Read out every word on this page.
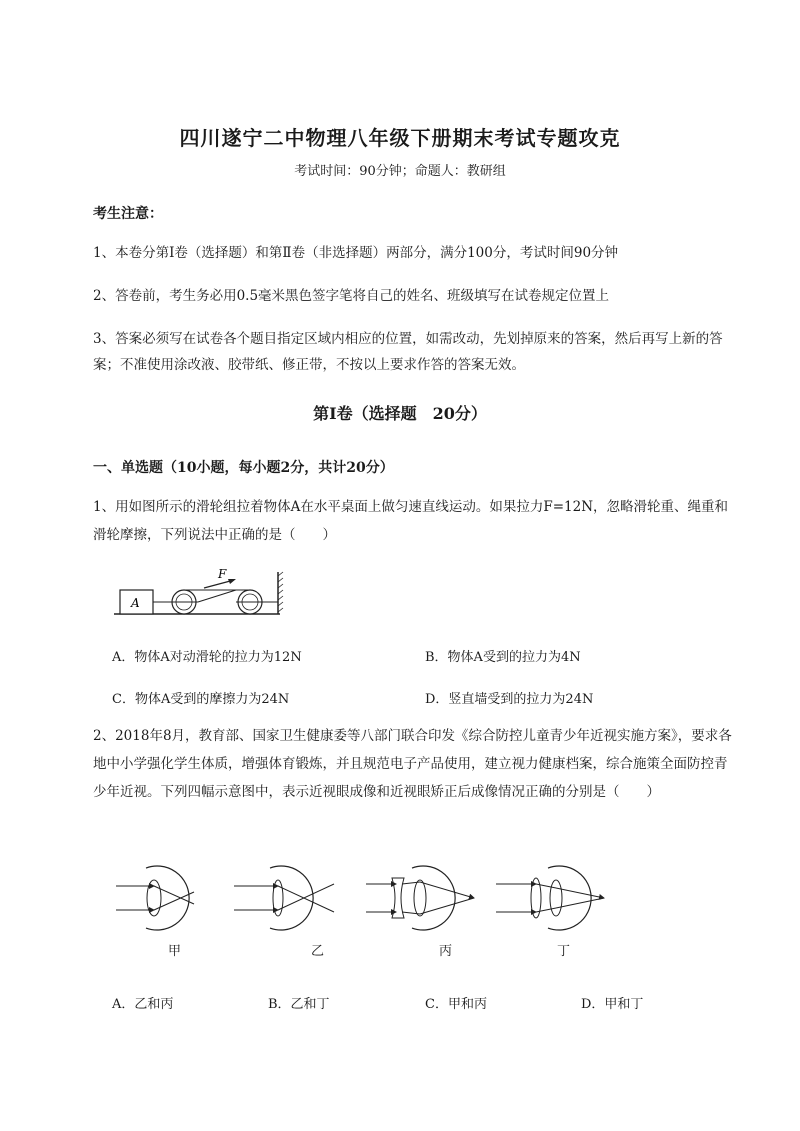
四川遂宁二中物理八年级下册期末考试专题攻克
考试时间：90分钟；命题人：教研组
考生注意：
1、本卷分第I卷（选择题）和第Ⅱ卷（非选择题）两部分，满分100分，考试时间90分钟
2、答卷前，考生务必用0.5毫米黑色签字笔将自己的姓名、班级填写在试卷规定位置上
3、答案必须写在试卷各个题目指定区域内相应的位置，如需改动，先划掉原来的答案，然后再写上新的答案；不准使用涂改液、胶带纸、修正带，不按以上要求作答的答案无效。
第I卷（选择题　20分）
一、单选题（10小题，每小题2分，共计20分）
1、用如图所示的滑轮组拉着物体A在水平桌面上做匀速直线运动。如果拉力F=12N，忽略滑轮重、绳重和滑轮摩擦，下列说法中正确的是（　　）
A
F
A．物体A对动滑轮的拉力为12N	B．物体A受到的拉力为4N
C．物体A受到的摩擦力为24N	D．竖直墙受到的拉力为24N
2、2018年8月，教育部、国家卫生健康委等八部门联合印发《综合防控儿童青少年近视实施方案》，要求各地中小学强化学生体质，增强体育锻炼，并且规范电子产品使用，建立视力健康档案，综合施策全面防控青少年近视。下列四幅示意图中，表示近视眼成像和近视眼矫正后成像情况正确的分别是（　　）
甲	乙	丙	丁
A．乙和丙	B．乙和丁	C．甲和丙	D．甲和丁
